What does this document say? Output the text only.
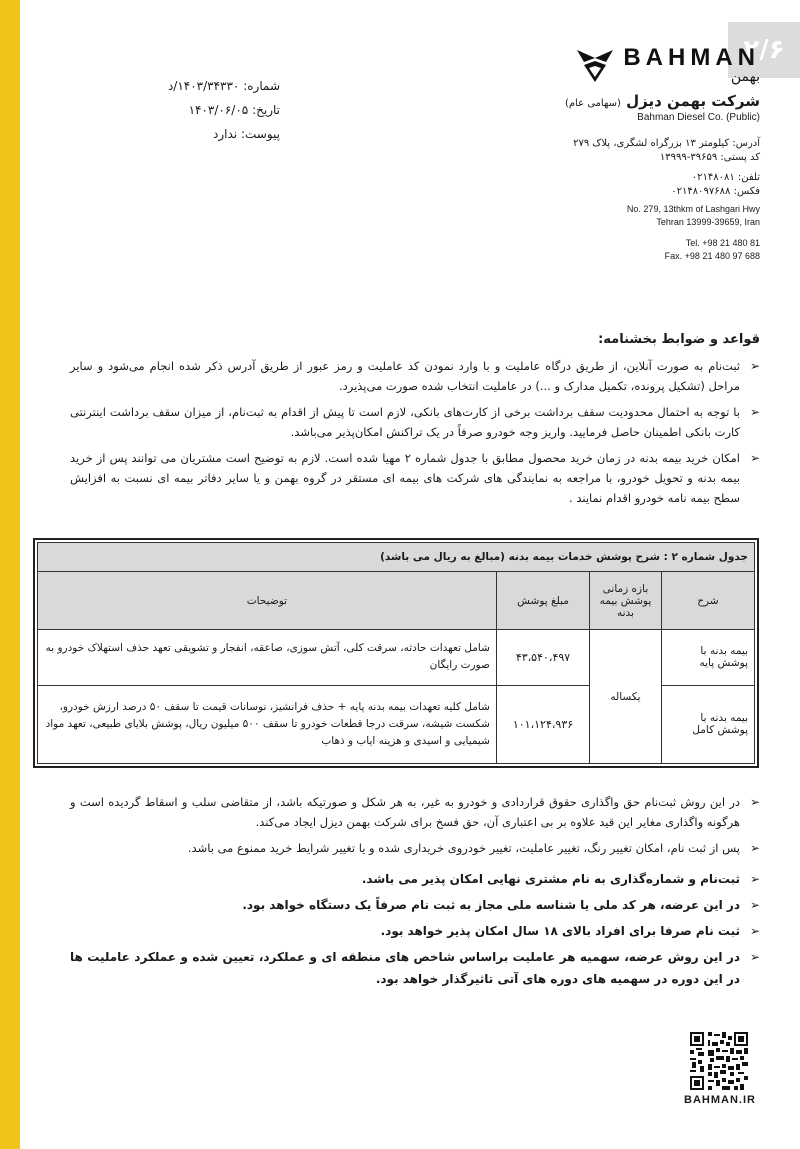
۲/۶
BAHMAN
بهمن
شرکت بهمن دیزل (سهامی عام)
Bahman Diesel Co. (Public)
آدرس: کیلومتر ۱۳ بزرگراه لشگری، پلاک ۲۷۹
کد پستی: ۳۹۶۵۹-۱۳۹۹۹
تلفن: ۰۲۱۴۸۰۸۱
فکس: ۰۲۱۴۸۰۹۷۶۸۸
No. 279, 13thkm of Lashgari Hwy
Tehran 13999-39659, Iran
Tel. +98 21 480 81
Fax. +98 21 480 97 688
شماره: ۱۴۰۳/۳۴۳۳۰/د
تاریخ: ۱۴۰۳/۰۶/۰۵
پیوست: ندارد
قواعد و ضوابط بخشنامه:
➢
ثبت‌نام به صورت آنلاین، از طریق درگاه عاملیت و با وارد نمودن کد عاملیت و رمز عبور از طریق آدرس ذکر شده انجام می‌شود و سایر مراحل (تشکیل پرونده، تکمیل مدارک و ...) در عاملیت انتخاب شده صورت می‌پذیرد.
➢
با توجه به احتمال محدودیت سقف برداشت برخی از کارت‌های بانکی، لازم است تا پیش از اقدام به ثبت‌نام، از میزان سقف برداشت اینترنتی کارت بانکی اطمینان حاصل فرمایید. واریز وجه خودرو صرفاً در یک تراکنش امکان‌پذیر می‌باشد.
➢
امکان خرید بیمه بدنه در زمان خرید محصول مطابق با جدول شماره ۲ مهیا شده است. لازم به توضیح است مشتریان می توانند پس از خرید بیمه بدنه و تحویل خودرو، با مراجعه به نمایندگی های شرکت های بیمه ای مستقر در گروه بهمن و یا سایر دفاتر بیمه ای نسبت به افزایش سطح بیمه نامه خودرو اقدام نمایند .
جدول شماره ۲ : شرح پوشش خدمات بیمه بدنه (مبالغ به ریال می باشد)			
شرح	بازه زمانی پوشش بیمه بدنه	مبلغ پوشش	توضیحات
بیمه بدنه با پوشش پایه	یکساله	۴۳،۵۴۰،۴۹۷	شامل تعهدات حادثه، سرقت کلی، آتش سوزی، صاعقه، انفجار و تشویقی تعهد حذف استهلاک خودرو به صورت رایگان
بیمه بدنه با پوشش کامل		۱۰۱،۱۲۴،۹۳۶	شامل کلیه تعهدات بیمه بدنه پایه + حذف فرانشیز، نوسانات قیمت تا سقف ۵۰ درصد ارزش خودرو، شکست شیشه، سرقت درجا قطعات خودرو تا سقف ۵۰۰ میلیون ریال، پوشش بلایای طبیعی، تعهد مواد شیمیایی و اسیدی و هزینه ایاب و ذهاب
➢
در این روش ثبت‌نام حق واگذاری حقوق قراردادی و خودرو به غیر، به هر شکل و صورتیکه باشد، از متقاضی سلب و اسقاط گردیده است و هرگونه واگذاری مغایر این قید علاوه بر بی اعتباری آن، حق فسخ برای شرکت بهمن دیزل ایجاد می‌کند.
➢
پس از ثبت نام، امکان تغییر رنگ، تغییر عاملیت، تغییر خودروی خریداری شده و یا تغییر شرایط خرید ممنوع می باشد.
➢
ثبت‌نام و شماره‌گذاری به نام مشتری نهایی امکان پذیر می باشد.
➢
در این عرضه، هر کد ملی یا شناسه ملی مجاز به ثبت نام صرفاً یک دستگاه خواهد بود.
➢
ثبت نام صرفا برای افراد بالای ۱۸ سال امکان پذیر خواهد بود.
➢
در این روش عرضه، سهمیه هر عاملیت براساس شاخص های منطقه ای و عملکرد، تعیین شده و عملکرد عاملیت ها در این دوره در سهمیه های دوره های آتی تاثیرگذار خواهد بود.
BAHMAN.IR
